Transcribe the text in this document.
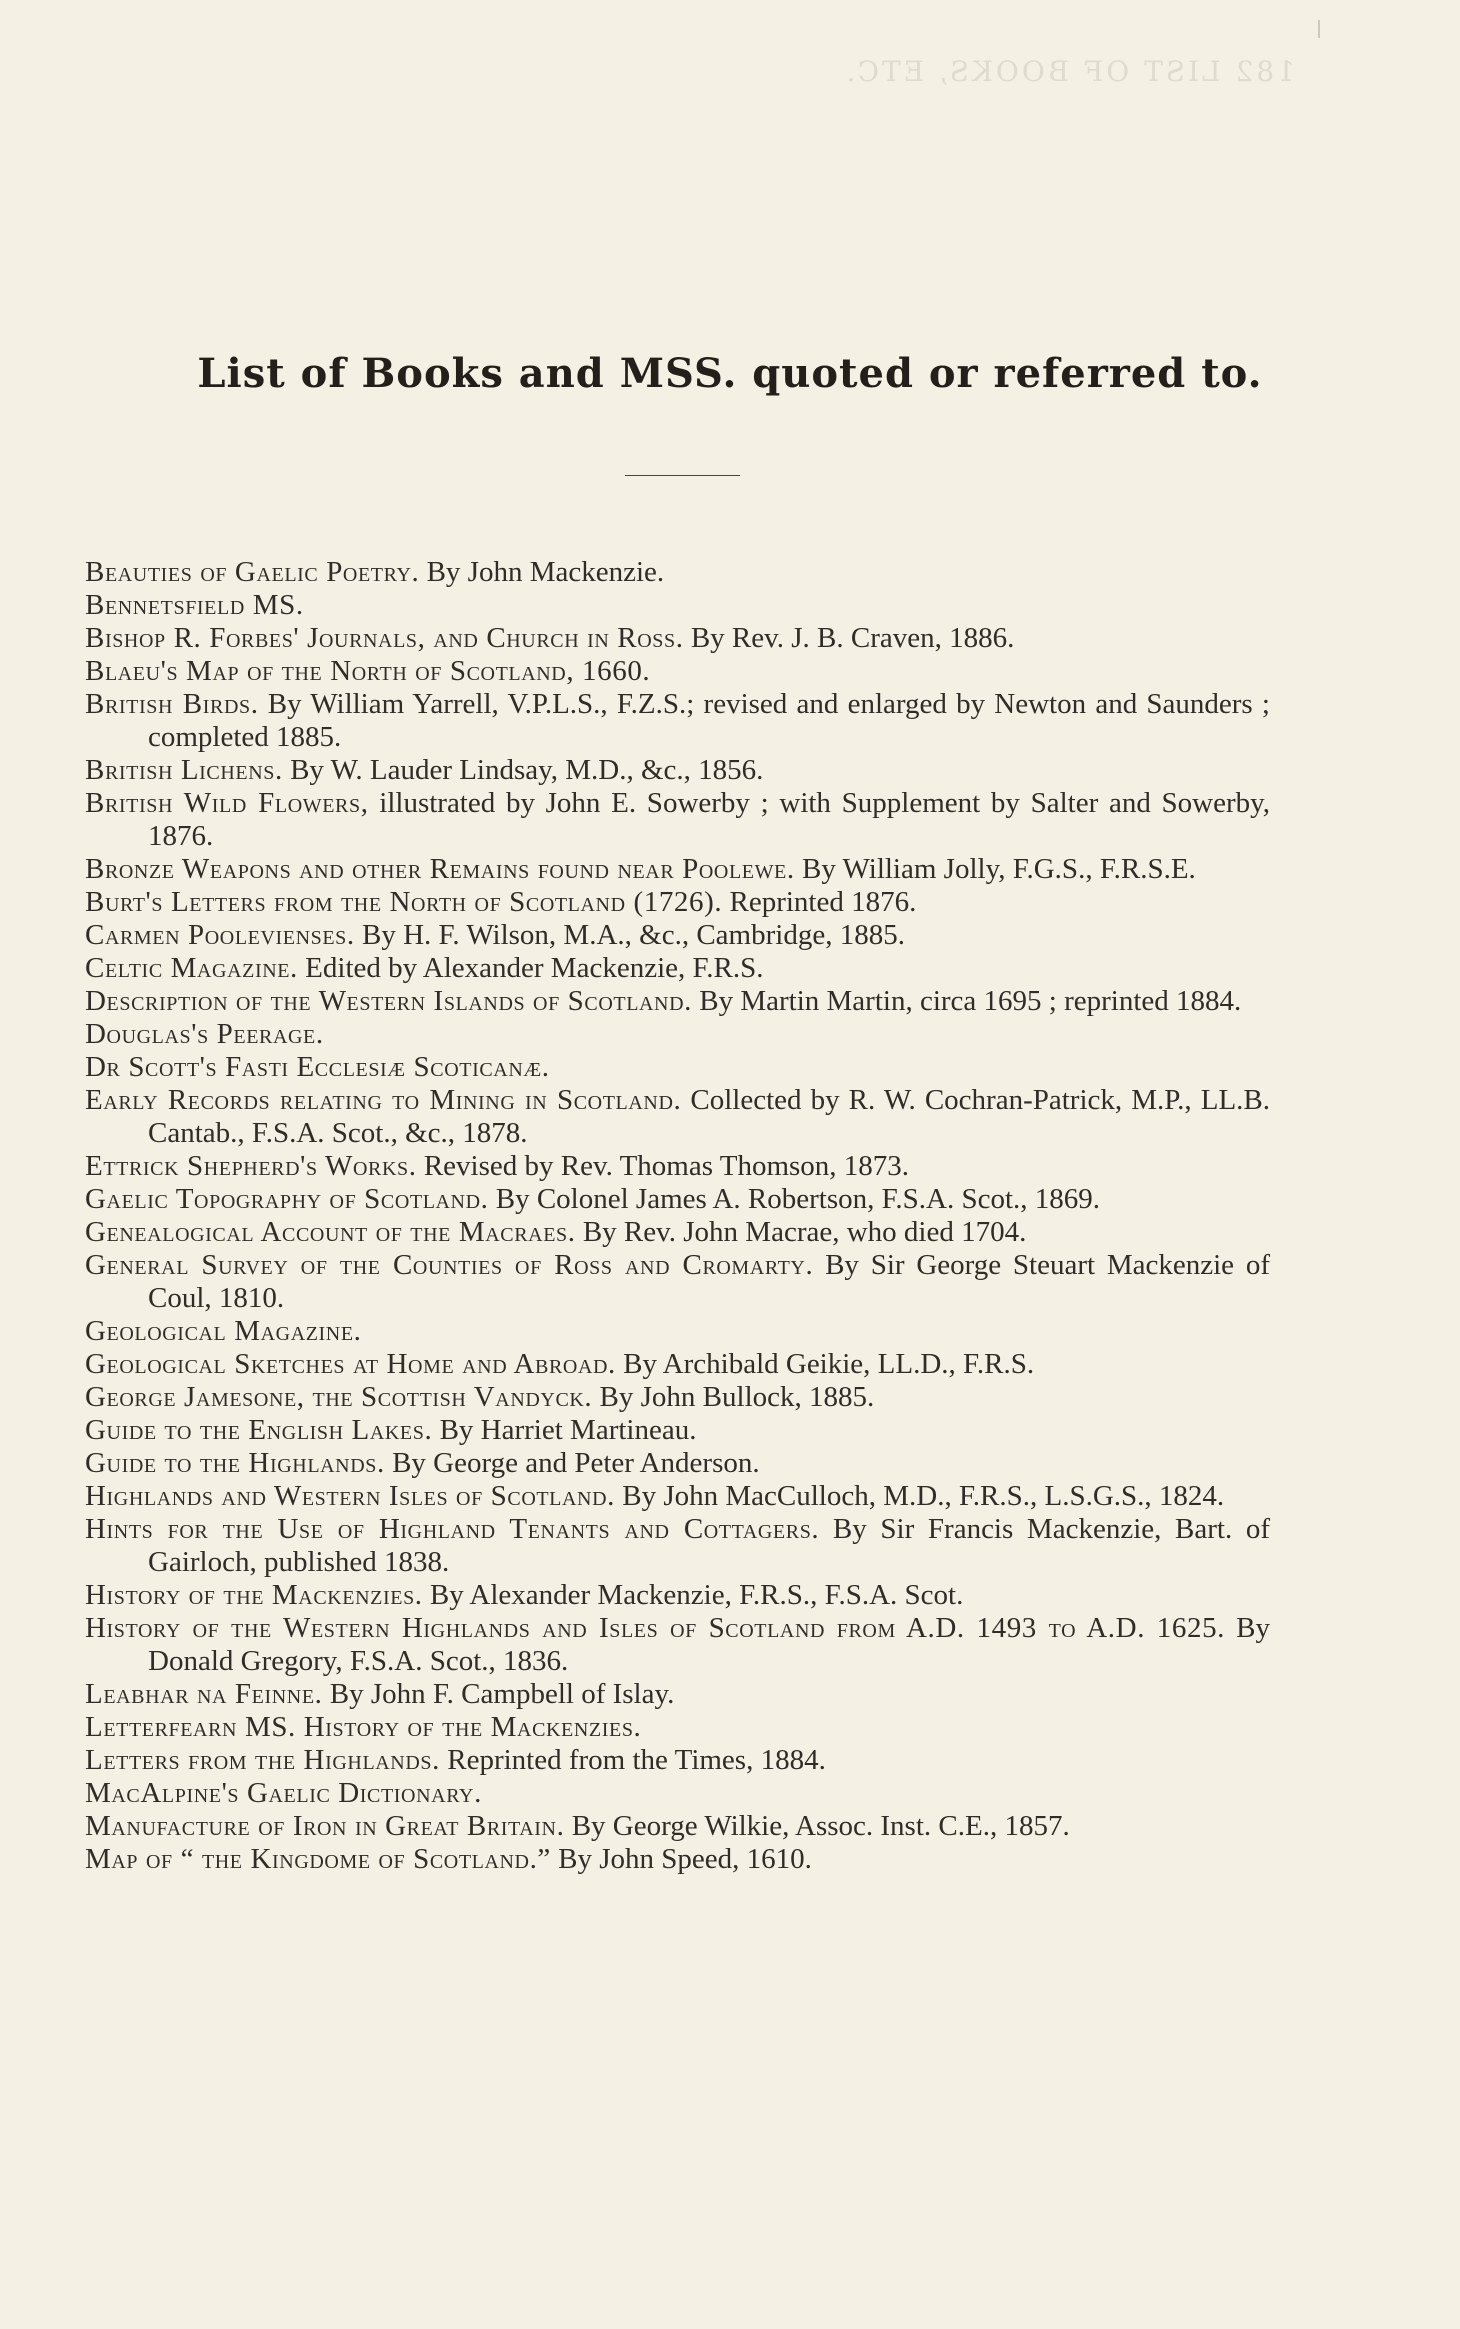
182 LIST OF BOOKS, ETC.
List of Books and MSS. quoted or referred to.
Beauties of Gaelic Poetry. By John Mackenzie.
Bennetsfield MS.
Bishop R. Forbes' Journals, and Church in Ross. By Rev. J. B. Craven, 1886.
Blaeu's Map of the North of Scotland, 1660.
British Birds. By William Yarrell, V.P.L.S., F.Z.S.; revised and enlarged by Newton and Saunders ; completed 1885.
British Lichens. By W. Lauder Lindsay, M.D., &c., 1856.
British Wild Flowers, illustrated by John E. Sowerby ; with Supplement by Salter and Sowerby, 1876.
Bronze Weapons and other Remains found near Poolewe. By William Jolly, F.G.S., F.R.S.E.
Burt's Letters from the North of Scotland (1726). Reprinted 1876.
Carmen Poolevienses. By H. F. Wilson, M.A., &c., Cambridge, 1885.
Celtic Magazine. Edited by Alexander Mackenzie, F.R.S.
Description of the Western Islands of Scotland. By Martin Martin, circa 1695 ; reprinted 1884.
Douglas's Peerage.
Dr Scott's Fasti Ecclesiæ Scoticanæ.
Early Records relating to Mining in Scotland. Collected by R. W. Cochran-Patrick, M.P., LL.B. Cantab., F.S.A. Scot., &c., 1878.
Ettrick Shepherd's Works. Revised by Rev. Thomas Thomson, 1873.
Gaelic Topography of Scotland. By Colonel James A. Robertson, F.S.A. Scot., 1869.
Genealogical Account of the Macraes. By Rev. John Macrae, who died 1704.
General Survey of the Counties of Ross and Cromarty. By Sir George Steuart Mackenzie of Coul, 1810.
Geological Magazine.
Geological Sketches at Home and Abroad. By Archibald Geikie, LL.D., F.R.S.
George Jamesone, the Scottish Vandyck. By John Bullock, 1885.
Guide to the English Lakes. By Harriet Martineau.
Guide to the Highlands. By George and Peter Anderson.
Highlands and Western Isles of Scotland. By John MacCulloch, M.D., F.R.S., L.S.G.S., 1824.
Hints for the Use of Highland Tenants and Cottagers. By Sir Francis Mackenzie, Bart. of Gairloch, published 1838.
History of the Mackenzies. By Alexander Mackenzie, F.R.S., F.S.A. Scot.
History of the Western Highlands and Isles of Scotland from A.D. 1493 to A.D. 1625. By Donald Gregory, F.S.A. Scot., 1836.
Leabhar na Feinne. By John F. Campbell of Islay.
Letterfearn MS. History of the Mackenzies.
Letters from the Highlands. Reprinted from the Times, 1884.
MacAlpine's Gaelic Dictionary.
Manufacture of Iron in Great Britain. By George Wilkie, Assoc. Inst. C.E., 1857.
Map of “ the Kingdome of Scotland.” By John Speed, 1610.
